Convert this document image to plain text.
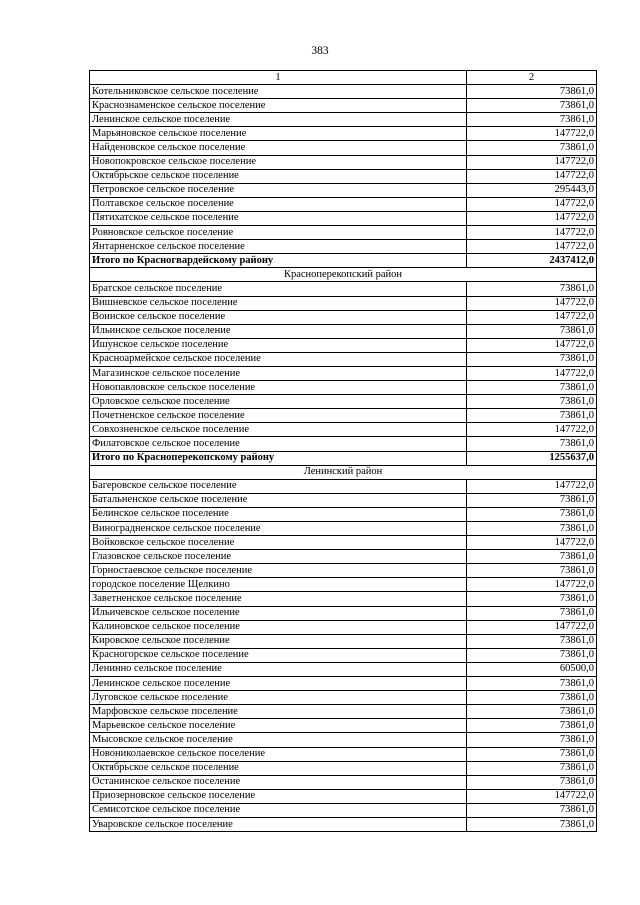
383
1	2
Котельниковское сельское поселение	73861,0
Краснознаменское сельское поселение	73861,0
Ленинское сельское поселение	73861,0
Марьяновское сельское поселение	147722,0
Найденовское сельское поселение	73861,0
Новопокровское сельское поселение	147722,0
Октябрьское сельское поселение	147722,0
Петровское сельское поселение	295443,0
Полтавское сельское поселение	147722,0
Пятихатское сельское поселение	147722,0
Ровновское сельское поселение	147722,0
Янтарненское сельское поселение	147722,0
Итого по Красногвардейскому району	2437412,0
Красноперекопский район	
Братское сельское поселение	73861,0
Вишневское сельское поселение	147722,0
Воинское сельское поселение	147722,0
Ильинское сельское поселение	73861,0
Ишунское сельское поселение	147722,0
Красноармейское сельское поселение	73861,0
Магазинское сельское поселение	147722,0
Новопавловское сельское поселение	73861,0
Орловское сельское поселение	73861,0
Почетненское сельское поселение	73861,0
Совхозненское сельское поселение	147722,0
Филатовское сельское поселение	73861,0
Итого по Красноперекопскому району	1255637,0
Ленинский район	
Багеровское сельское поселение	147722,0
Батальненское сельское поселение	73861,0
Белинское сельское поселение	73861,0
Виноградненское сельское поселение	73861,0
Войковское сельское поселение	147722,0
Глазовское сельское поселение	73861,0
Горностаевское сельское поселение	73861,0
городское поселение Щелкино	147722,0
Заветненское сельское поселение	73861,0
Ильичевское сельское поселение	73861,0
Калиновское сельское поселение	147722,0
Кировское сельское поселение	73861,0
Красногорское сельское поселение	73861,0
Ленинно сельское поселение	60500,0
Ленинское сельское поселение	73861,0
Луговское сельское поселение	73861,0
Марфовское сельское поселение	73861,0
Марьевское сельское поселение	73861,0
Мысовское сельское поселение	73861,0
Новониколаевское сельское поселение	73861,0
Октябрьское сельское поселение	73861,0
Останинское сельское поселение	73861,0
Приозерновское сельское поселение	147722,0
Семисотское сельское поселение	73861,0
Уваровское сельское поселение	73861,0
